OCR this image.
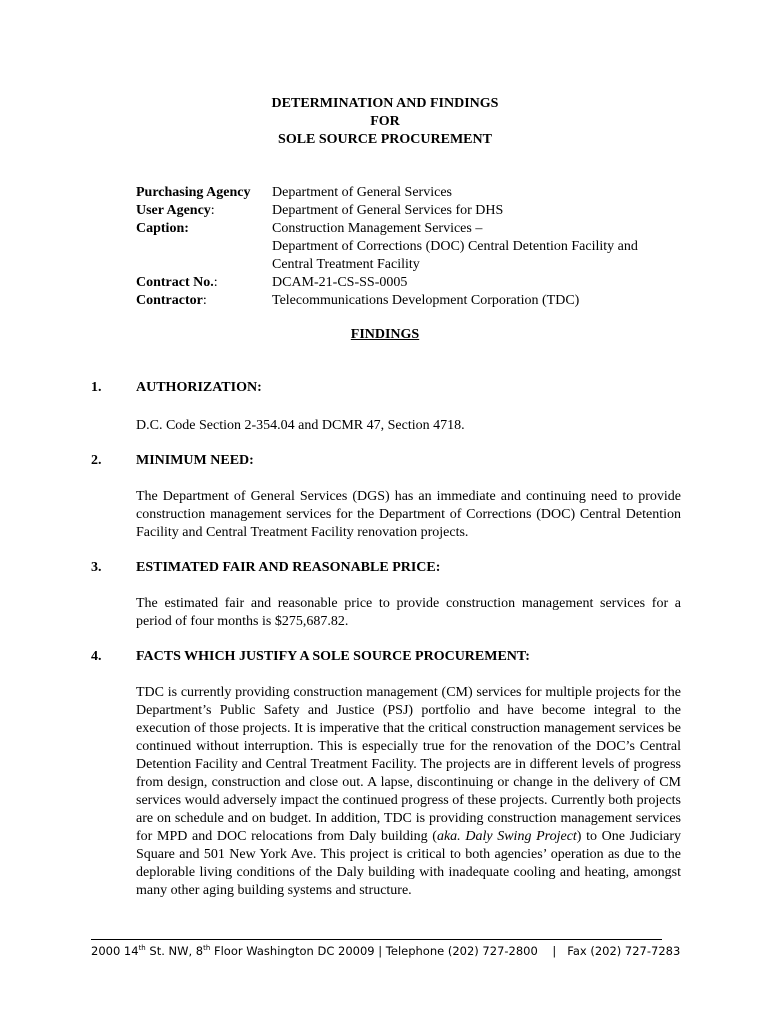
DETERMINATION AND FINDINGS
FOR
SOLE SOURCE PROCUREMENT
Purchasing Agency	Department of General Services
User Agency:	Department of General Services for DHS
Caption:	Construction Management Services –
Department of Corrections (DOC) Central Detention Facility and
Central Treatment Facility
Contract No.:	DCAM-21-CS-SS-0005
Contractor:	Telecommunications Development Corporation (TDC)
FINDINGS
1. AUTHORIZATION:
D.C. Code Section 2-354.04 and DCMR 47, Section 4718.
2. MINIMUM NEED:
The Department of General Services (DGS) has an immediate and continuing need to provide construction management services for the Department of Corrections (DOC) Central Detention Facility and Central Treatment Facility renovation projects.
3. ESTIMATED FAIR AND REASONABLE PRICE:
The estimated fair and reasonable price to provide construction management services for a period of four months is $275,687.82.
4. FACTS WHICH JUSTIFY A SOLE SOURCE PROCUREMENT:
TDC is currently providing construction management (CM) services for multiple projects for the Department’s Public Safety and Justice (PSJ) portfolio and have become integral to the execution of those projects. It is imperative that the critical construction management services be continued without interruption. This is especially true for the renovation of the DOC’s Central Detention Facility and Central Treatment Facility. The projects are in different levels of progress from design, construction and close out. A lapse, discontinuing or change in the delivery of CM services would adversely impact the continued progress of these projects. Currently both projects are on schedule and on budget. In addition, TDC is providing construction management services for MPD and DOC relocations from Daly building (aka. Daly Swing Project) to One Judiciary Square and 501 New York Ave. This project is critical to both agencies’ operation as due to the deplorable living conditions of the Daly building with inadequate cooling and heating, amongst many other aging building systems and structure.
2000 14th St. NW, 8th Floor Washington DC 20009 | Telephone (202) 727-2800    |   Fax (202) 727-7283
